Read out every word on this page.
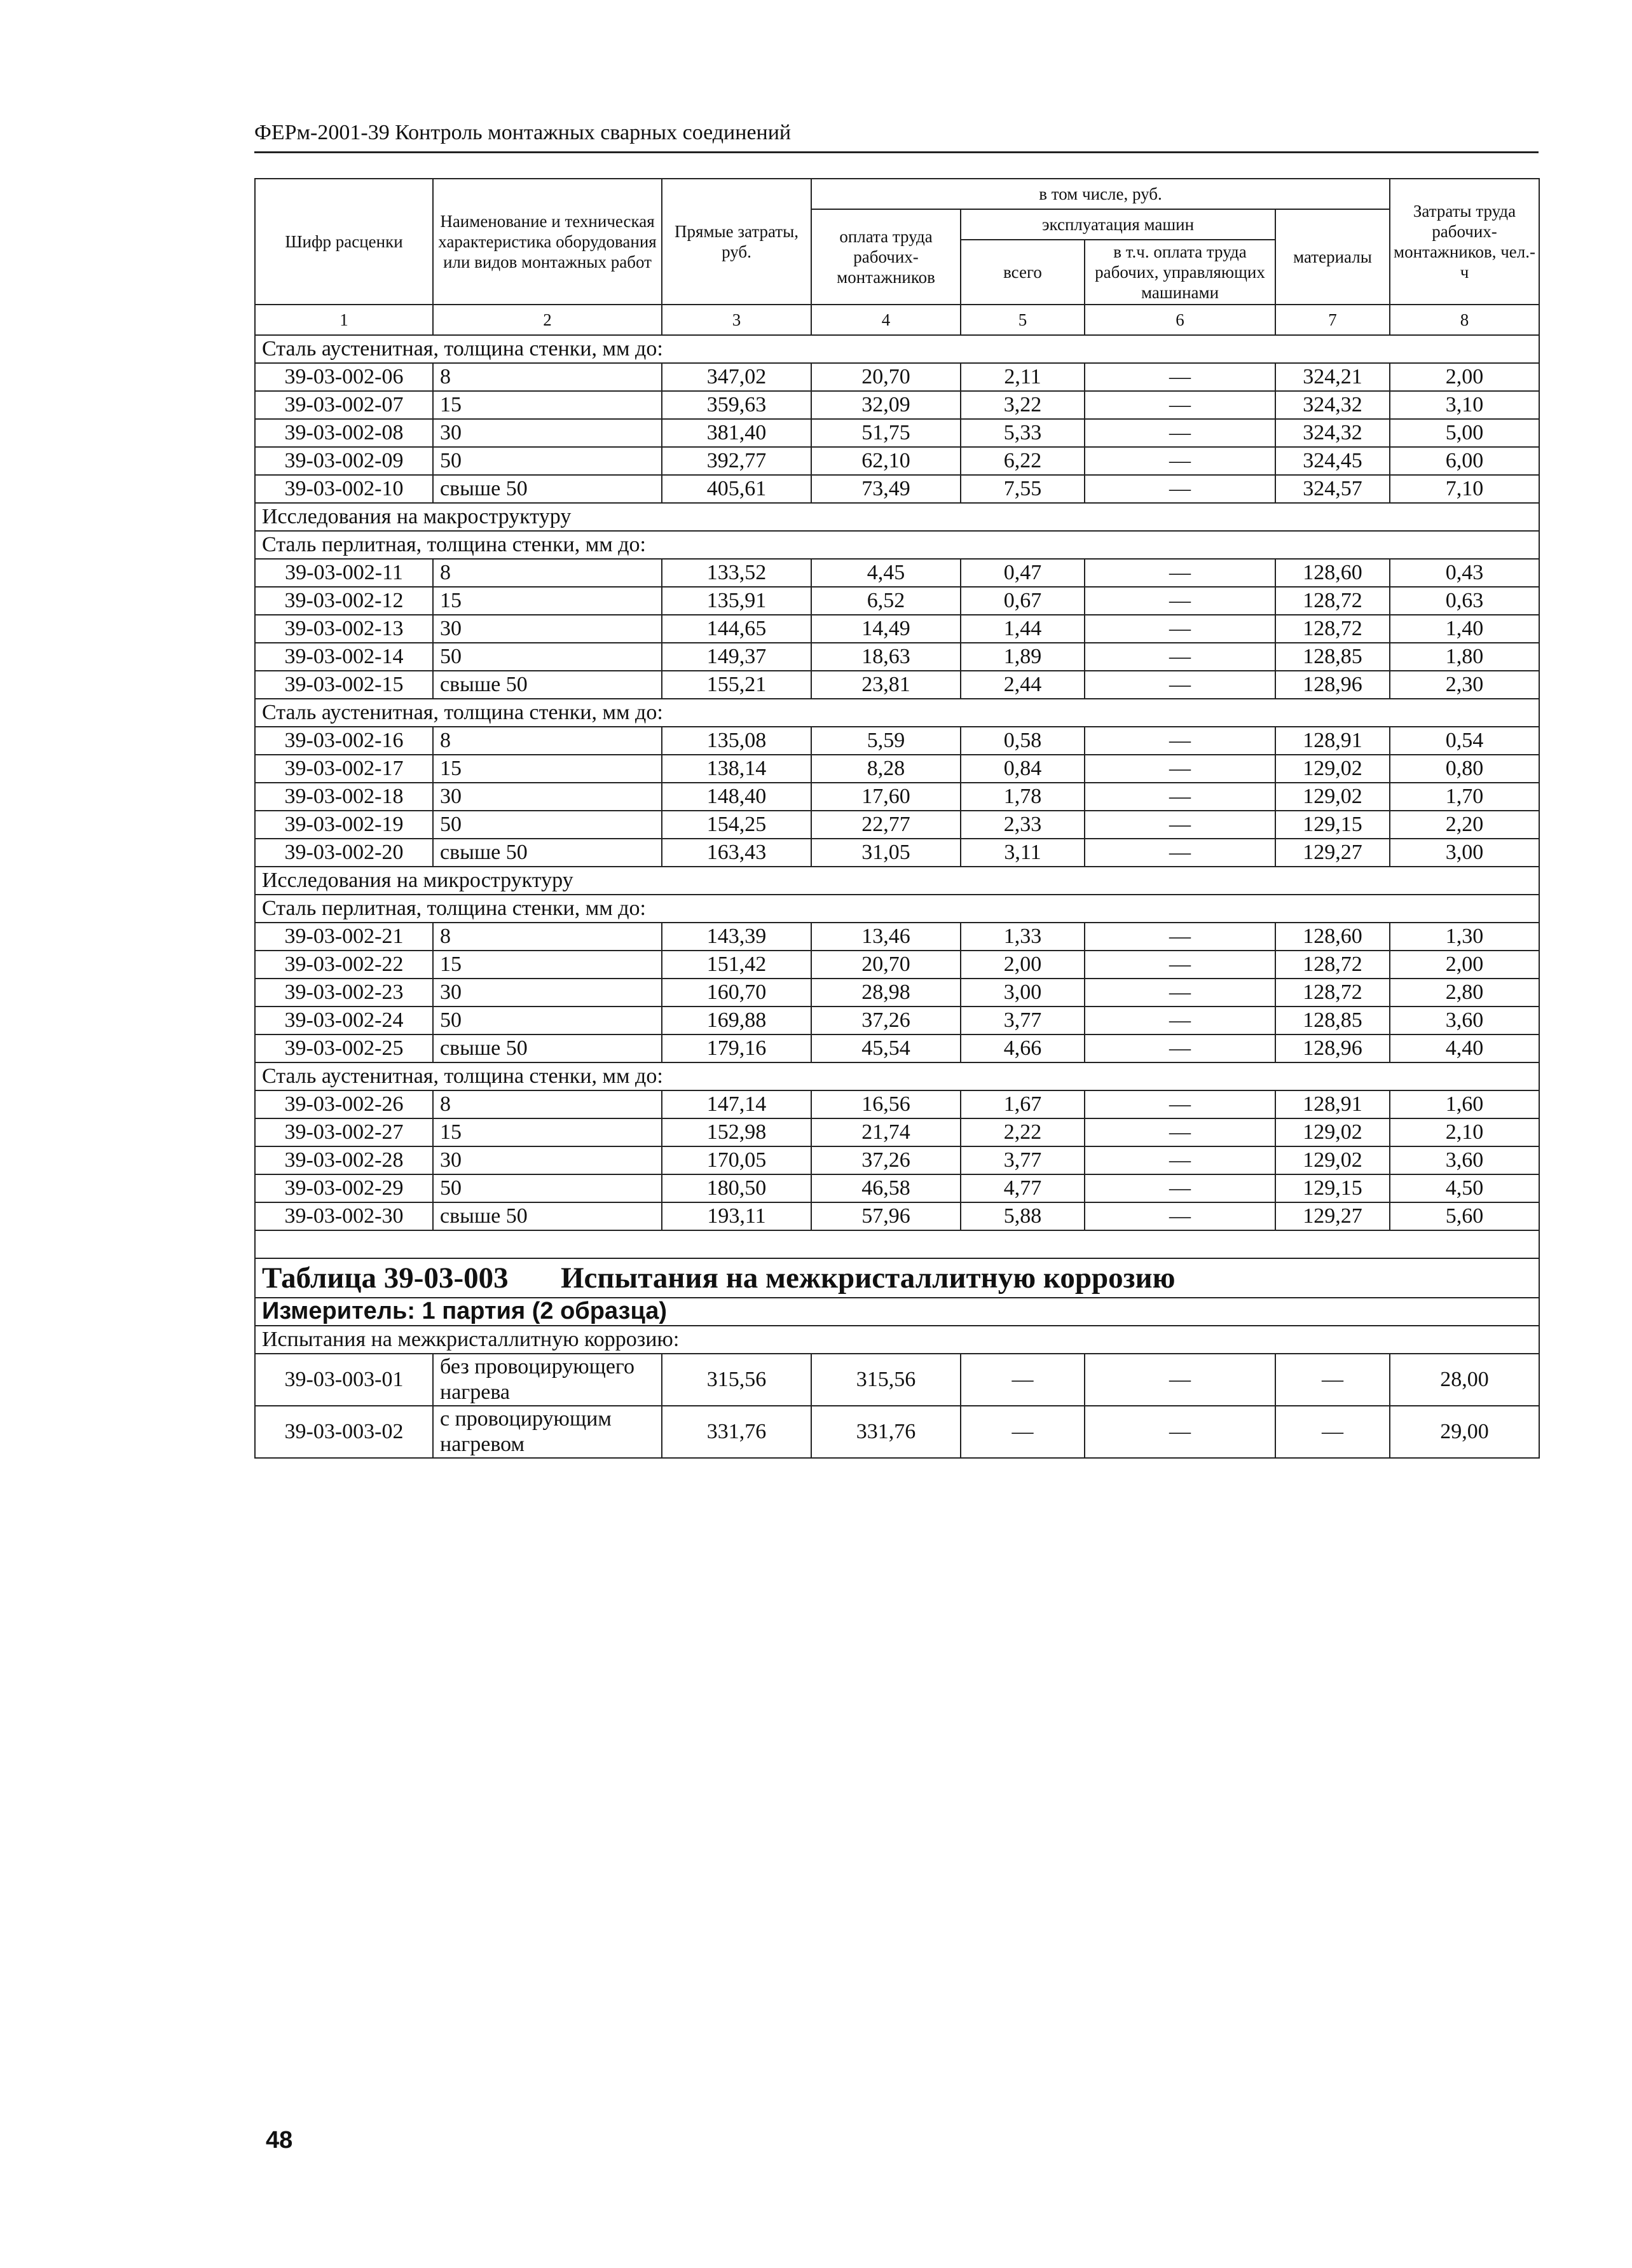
ФЕРм-2001-39 Контроль монтажных сварных соединений
Шифр расценки	Наименование и техническая характеристика оборудования или видов монтажных работ	Прямые затраты, руб.	в том числе, руб.				Затраты труда рабочих-монтажников, чел.-ч
			оплата труда рабочих-монтажников	эксплуатация машин		материалы	
				всего	в т.ч. оплата труда рабочих, управляющих машинами		
1	2	3	4	5	6	7	8
Сталь аустенитная, толщина стенки, мм до:							
39-03-002-06	8	347,02	20,70	2,11	—	324,21	2,00
39-03-002-07	15	359,63	32,09	3,22	—	324,32	3,10
39-03-002-08	30	381,40	51,75	5,33	—	324,32	5,00
39-03-002-09	50	392,77	62,10	6,22	—	324,45	6,00
39-03-002-10	свыше 50	405,61	73,49	7,55	—	324,57	7,10
Исследования на макроструктуру							
Сталь перлитная, толщина стенки, мм до:							
39-03-002-11	8	133,52	4,45	0,47	—	128,60	0,43
39-03-002-12	15	135,91	6,52	0,67	—	128,72	0,63
39-03-002-13	30	144,65	14,49	1,44	—	128,72	1,40
39-03-002-14	50	149,37	18,63	1,89	—	128,85	1,80
39-03-002-15	свыше 50	155,21	23,81	2,44	—	128,96	2,30
Сталь аустенитная, толщина стенки, мм до:							
39-03-002-16	8	135,08	5,59	0,58	—	128,91	0,54
39-03-002-17	15	138,14	8,28	0,84	—	129,02	0,80
39-03-002-18	30	148,40	17,60	1,78	—	129,02	1,70
39-03-002-19	50	154,25	22,77	2,33	—	129,15	2,20
39-03-002-20	свыше 50	163,43	31,05	3,11	—	129,27	3,00
Исследования на микроструктуру							
Сталь перлитная, толщина стенки, мм до:							
39-03-002-21	8	143,39	13,46	1,33	—	128,60	1,30
39-03-002-22	15	151,42	20,70	2,00	—	128,72	2,00
39-03-002-23	30	160,70	28,98	3,00	—	128,72	2,80
39-03-002-24	50	169,88	37,26	3,77	—	128,85	3,60
39-03-002-25	свыше 50	179,16	45,54	4,66	—	128,96	4,40
Сталь аустенитная, толщина стенки, мм до:							
39-03-002-26	8	147,14	16,56	1,67	—	128,91	1,60
39-03-002-27	15	152,98	21,74	2,22	—	129,02	2,10
39-03-002-28	30	170,05	37,26	3,77	—	129,02	3,60
39-03-002-29	50	180,50	46,58	4,77	—	129,15	4,50
39-03-002-30	свыше 50	193,11	57,96	5,88	—	129,27	5,60

Таблица 39-03-003 Испытания на межкристаллитную коррозию							

Измеритель: 1 партия (2 образца)							
Испытания на межкристаллитную коррозию:							
39-03-003-01	без провоцирующего нагрева	315,56	315,56	—	—	—	28,00
39-03-003-02	с провоцирующим нагревом	331,76	331,76	—	—	—	29,00
48
